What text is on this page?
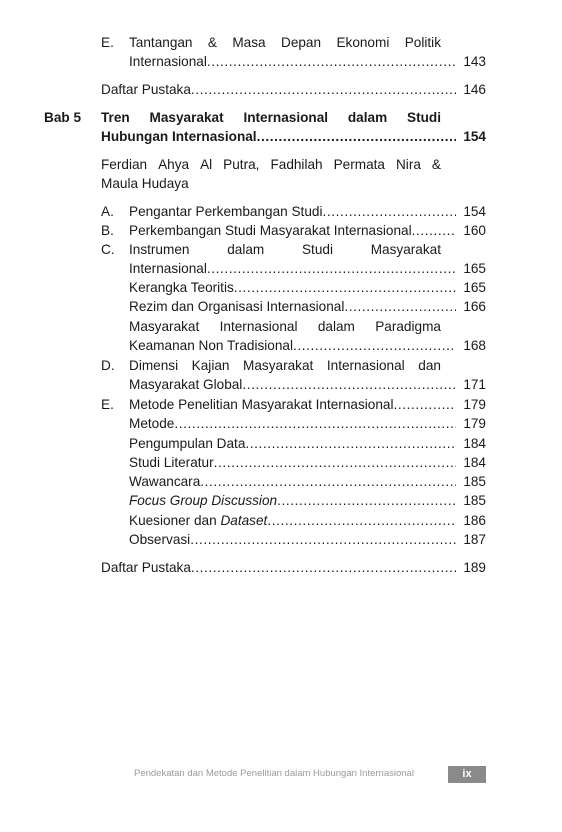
E. Tantangan & Masa Depan Ekonomi Politik
Internasional .....	143
Daftar Pustaka .....	146
Bab 5 Tren Masyarakat Internasional dalam Studi
Hubungan Internasional .....	154
Ferdian Ahya Al Putra, Fadhilah Permata Nira &
Maula Hudaya
A. Pengantar Perkembangan Studi .....	154
B. Perkembangan Studi Masyarakat Internasional .....	160
C. Instrumen	dalam	Studi	Masyarakat
Internasional .....	165
Kerangka Teoritis .....	165
Rezim dan Organisasi Internasional .....	166
Masyarakat Internasional dalam Paradigma
Keamanan Non Tradisional .....	168
D. Dimensi Kajian Masyarakat Internasional dan
Masyarakat Global .....	171
E. Metode Penelitian Masyarakat Internasional .....	179
Metode .....	179
Pengumpulan Data .....	184
Studi Literatur .....	184
Wawancara .....	185
Focus Group Discussion .....	185
Kuesioner dan Dataset .....	186
Observasi .....	187
Daftar Pustaka .....	189
Pendekatan dan Metode Penelitian dalam Hubungan Internasional	ix
